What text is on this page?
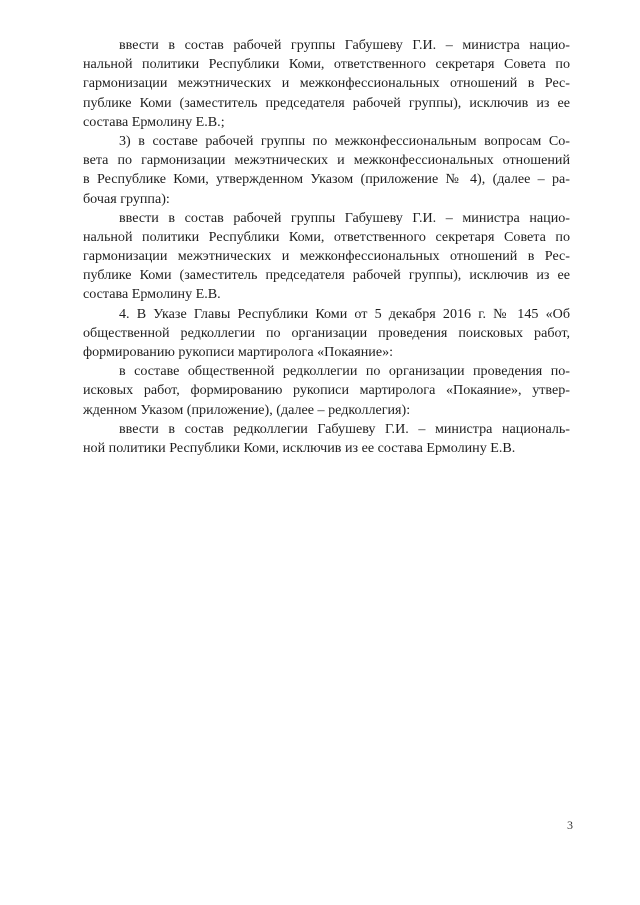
ввести в состав рабочей группы Габушеву Г.И. – министра нацио-
нальной политики Республики Коми, ответственного секретаря Совета по
гармонизации межэтнических и межконфессиональных отношений в Рес-
публике Коми (заместитель председателя рабочей группы), исключив из ее
состава Ермолину Е.В.;
3) в составе рабочей группы по межконфессиональным вопросам Со-
вета по гармонизации межэтнических и межконфессиональных отношений
в Республике Коми, утвержденном Указом (приложение № 4), (далее – ра-
бочая группа):
ввести в состав рабочей группы Габушеву Г.И. – министра нацио-
нальной политики Республики Коми, ответственного секретаря Совета по
гармонизации межэтнических и межконфессиональных отношений в Рес-
публике Коми (заместитель председателя рабочей группы), исключив из ее
состава Ермолину Е.В.
4. В Указе Главы Республики Коми от 5 декабря 2016 г. № 145 «Об
общественной редколлегии по организации проведения поисковых работ,
формированию рукописи мартиролога «Покаяние»:
в составе общественной редколлегии по организации проведения по-
исковых работ, формированию рукописи мартиролога «Покаяние», утвер-
жденном Указом (приложение), (далее – редколлегия):
ввести в состав редколлегии Габушеву Г.И. – министра националь-
ной политики Республики Коми, исключив из ее состава Ермолину Е.В.
3
